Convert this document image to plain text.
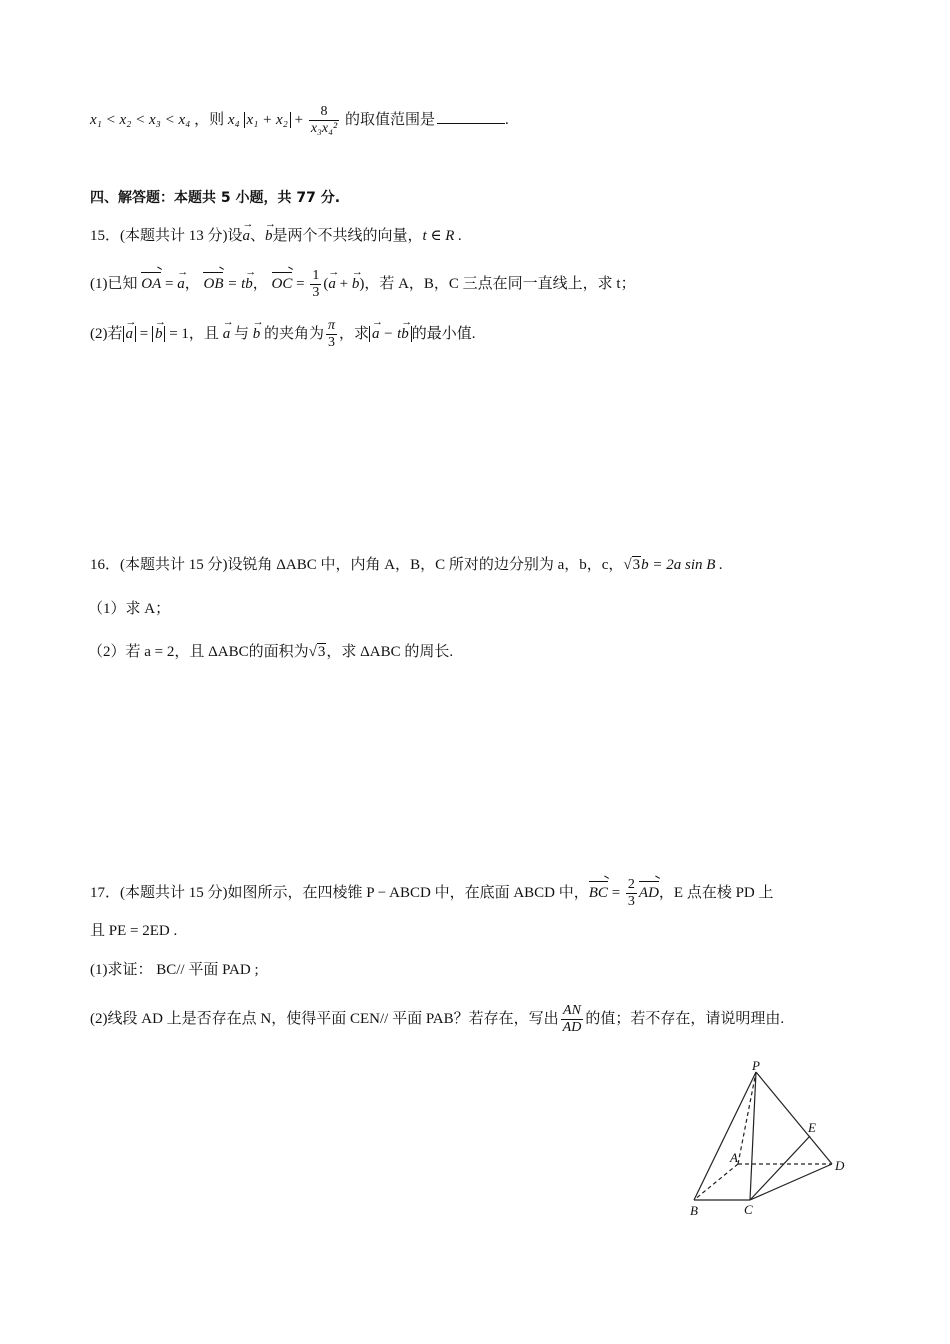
x₁ < x₂ < x₃ < x₄ ，则 x₄ $x_1 + x_2 + \frac{8}{\text{x₃x₄²}}$ 的取值范围是	.
四、解答题：本题共 5 小题，共 77 分.
15．(本题共计 13 分)设→ a、→ b是两个不共线的向量，t ∈ R .
(1)已知 OA = → a， OB = t→ b， OC = $\frac{1}{3}$ (→ a + → b)，若 A，B，C 三点在同一直线上，求 t；
(2)若 → a = → b = 1，且 → a 与 → b 的夹角为 $\frac{\pi}{3}$ ，求 → a − t→ b 的最小值.
16．(本题共计 15 分)设锐角 ΔABC 中，内角 A，B，C 所对的边分别为 a，b，c，√3b = 2a sin B .
（1）求 A；
（2）若 a = 2，且 ΔABC的面积为√3，求 ΔABC 的周长.
17．(本题共计 15 分)如图所示，在四棱锥 P − ABCD 中，在底面 ABCD 中，BC = $\frac{2}{3}$ AD，E 点在棱 PD 上
且 PE = 2ED .
(1)求证： BC// 平面 PAD ;
(2)线段 AD 上是否存在点 N，使得平面 CEN// 平面 PAB？若存在，写出 $\frac{AN}{AD}$ 的值；若不存在，请说明理由.
P
A
B	C
D
E
